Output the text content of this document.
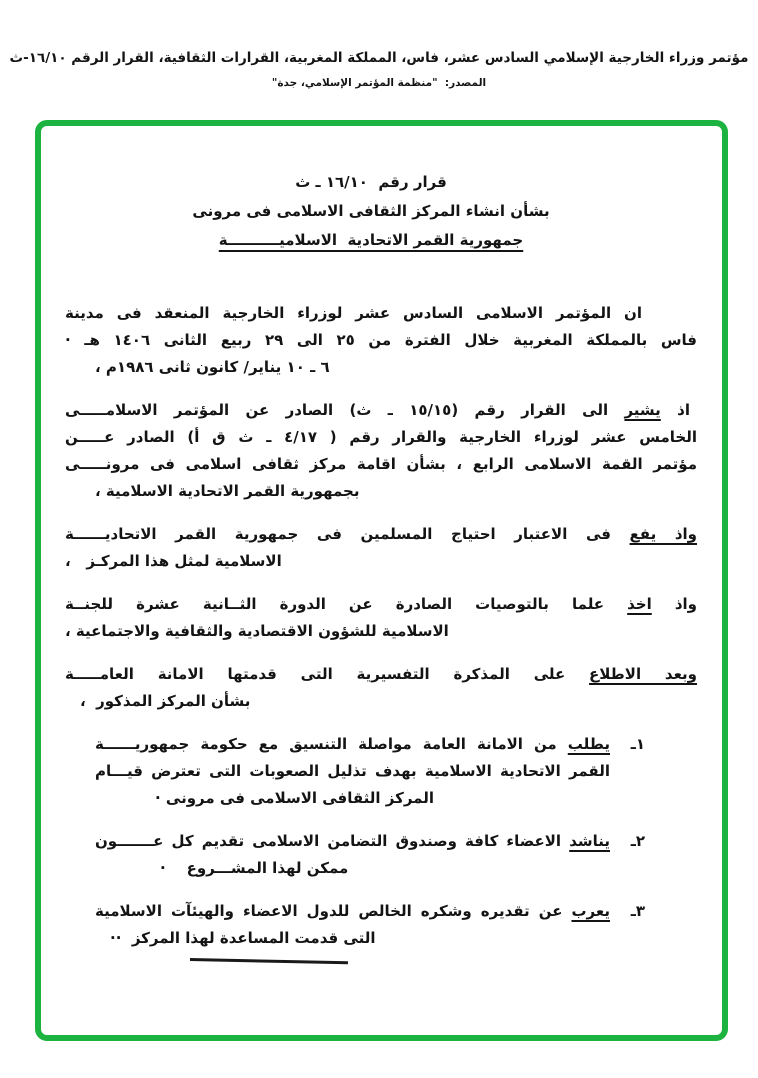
مؤتمر وزراء الخارجية الإسلامي السادس عشر، فاس، المملكة المغربية، القرارات الثقافية، القرار الرقم ١٦/١٠-ث
المصدر:  "منظمة المؤتمر الإسلامي، جدة"
قرار رقم  ١٦/١٠ ـ ث
بشأن انشاء المركز الثقافى الاسلامى فى مرونى
جمهورية القمر الاتحادية  الاسلاميــــــــــة
ان المؤتمر الاسلامى السادس عشر لوزراء الخارجية المنعقد فى مدينة
فاس بالمملكة المغربية خلال الفترة من ٢٥ الى ٢٩ ربيع الثانى ١٤٠٦ هـ ·
٦ ـ ١٠ يناير/ كانون ثانى ١٩٨٦م ،
اذ يشير الى القرار رقم (١٥/١٥ ـ ث) الصادر عن المؤتمر الاسلامـــــى
الخامس عشر لوزراء الخارجية والقرار رقم ( ٤/١٧ ـ ث ق أ) الصادر عـــــن
مؤتمر القمة الاسلامى الرابع ، بشأن اقامة مركز ثقافى اسلامى فى مرونـــــى
بجمهورية القمر الاتحادية الاسلامية ،
واذ يفع فى الاعتبار احتياج المسلمين فى جمهورية القمر الاتحاديــــــة
الاسلامية لمثل هذا المركـز   ،
واذ اخذ علما بالتوصيات الصادرة عن الدورة الثــانية عشرة للجنــة
الاسلامية للشؤون الاقتصادية والثقافية والاجتماعية ،
وبعد الاطلاع على المذكرة التفسيرية التى قدمتها الامانة العامـــــة
بشأن المركز المذكور  ،
١ـ
يطلب من الامانة العامة مواصلة التنسيق مع حكومة جمهوريــــــة
القمر الاتحادية الاسلامية بهدف تذليل الصعوبات التى تعترض قيـــام
المركز الثقافى الاسلامى فى مرونى ·
٢ـ
يناشد الاعضاء كافة وصندوق التضامن الاسلامى تقديم كل عـــــــون
ممكن لهذا المشـــروع    ·
٣ـ
يعرب عن تقديره وشكره الخالص للدول الاعضاء والهيئآت الاسلامية
التى قدمت المساعدة لهذا المركز  ··
